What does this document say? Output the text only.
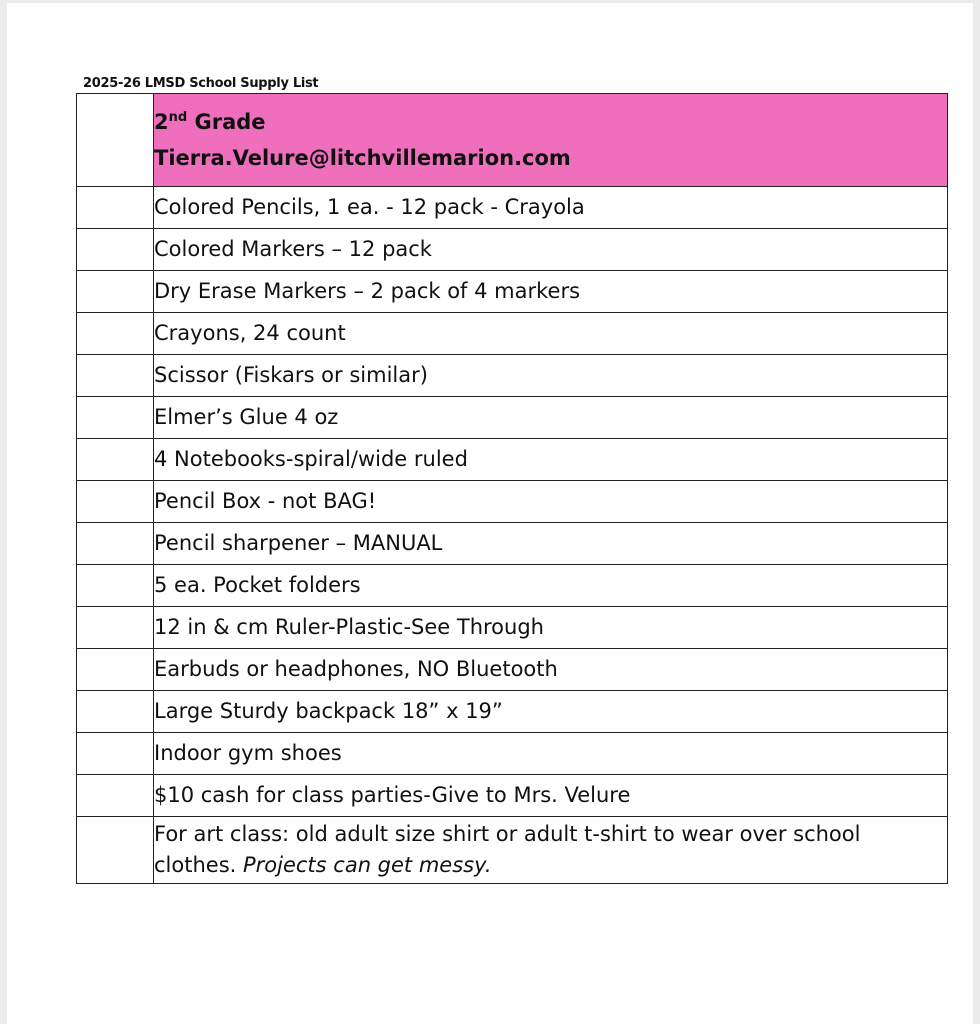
2025-26 LMSD School Supply List

	2nd Grade
Tierra.Velure@litchvillemarion.com

	Colored Pencils, 1 ea. - 12 pack - Crayola
	Colored Markers – 12 pack
	Dry Erase Markers – 2 pack of 4 markers
	Crayons, 24 count
	Scissor (Fiskars or similar)
	Elmer’s Glue 4 oz
	4 Notebooks-spiral/wide ruled
	Pencil Box - not BAG!
	Pencil sharpener – MANUAL
	5 ea. Pocket folders
	12 in & cm Ruler-Plastic-See Through
	Earbuds or headphones, NO Bluetooth
	Large Sturdy backpack 18” x 19”
	Indoor gym shoes
	$10 cash for class parties-Give to Mrs. Velure
	For art class: old adult size shirt or adult t-shirt to wear over school clothes. Projects can get messy.
